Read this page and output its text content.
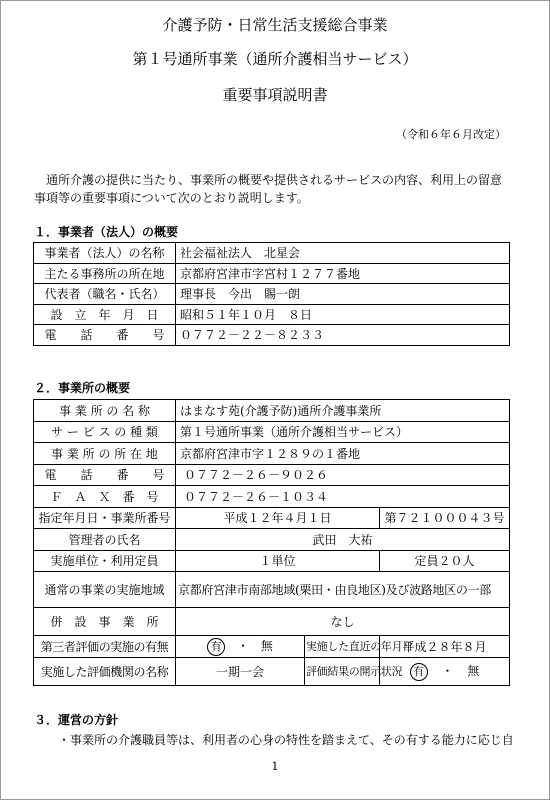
介護予防・日常生活支援総合事業
第１号通所事業（通所介護相当サービス）
重要事項説明書
（令和６年６月改定）

通所介護の提供に当たり、事業所の概要や提供されるサービスの内容、利用上の留意

事項等の重要事項について次のとおり説明します。

１．事業者（法人）の概要
事業者（法人）の名称	社会福祉法人　北星会
主たる事務所の所在地	京都府宮津市字宮村１２７７番地
代表者（職名・氏名）	理事長　今出　賜一朗
設　立　年　月　日	昭和５１年１０月　８日
電　　話　　番　　号	０７７２－２２－８２３３
２．事業所の概要
事 業 所 の 名 称	はまなす苑(介護予防)通所介護事業所		
サ ー ビ ス の 種 類	第１号通所事業（通所介護相当サービス）		
事 業 所 の 所 在 地	京都府宮津市字１２８９の１番地		
電　　話　　番　　号	０７７２－２６－９０２６		
Ｆ　Ａ　Ｘ　番　号	０７７２－２６－１０３４		
指定年月日・事業所番号	平成１２年４月１日		第７２１０００４３号
管理者の氏名	武田　大祐		
実施単位・利用定員	１単位		定員２０人
通常の事業の実施地域	京都府宮津市南部地域(栗田・由良地区)及び波路地区の一部		
併　設　事　業　所	なし		
第三者評価の実施の有無	有 ・ 無	実施した直近の年月日	平成２８年８月
実施した評価機関の名称	一期一会	評価結果の開示状況	有 ・ 無
３．運営の方針
・事業所の介護職員等は、利用者の心身の特性を踏まえて、その有する能力に応じ自
1
